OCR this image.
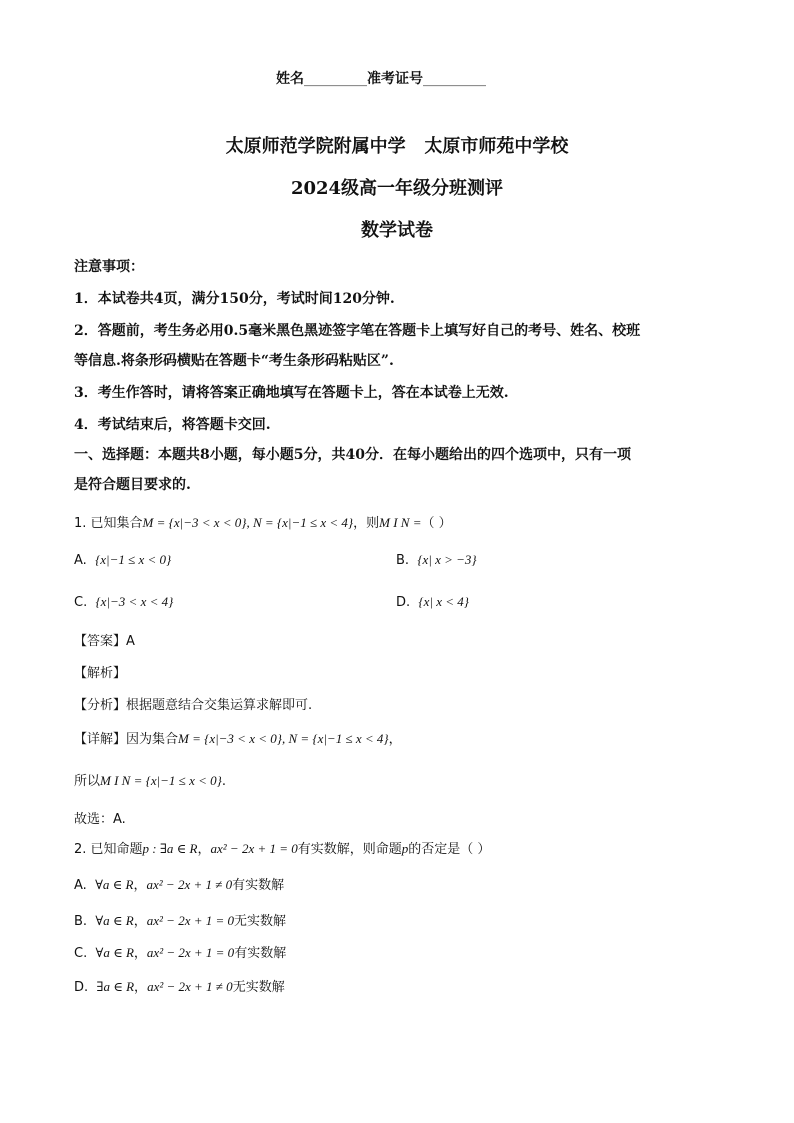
姓名_________准考证号_________
太原师范学院附属中学   太原市师苑中学校
2024级高一年级分班测评
数学试卷
注意事项：
1．本试卷共4页，满分150分，考试时间120分钟.
2．答题前，考生务必用0.5毫米黑色黑迹签字笔在答题卡上填写好自己的考号、姓名、校班
等信息.将条形码横贴在答题卡“考生条形码粘贴区”.
3．考生作答时，请将答案正确地填写在答题卡上，答在本试卷上无效.
4．考试结束后，将答题卡交回.
一、选择题：本题共8小题，每小题5分，共40分．在每小题给出的四个选项中，只有一项
是符合题目要求的.
1. 已知集合M = {x|−3 < x < 0}, N = {x|−1 ≤ x < 4}，则M I N =（ ）
A. {x|−1 ≤ x < 0}	B. {x| x > −3}
C. {x|−3 < x < 4}	D. {x| x < 4}
【答案】A
【解析】
【分析】根据题意结合交集运算求解即可.
【详解】因为集合M = {x|−3 < x < 0}, N = {x|−1 ≤ x < 4}，
所以M I N = {x|−1 ≤ x < 0}.
故选：A.
2. 已知命题p : ∃a ∈ R，ax² − 2x + 1 = 0有实数解，则命题p的否定是（ ）
A. ∀a ∈ R，ax² − 2x + 1 ≠ 0有实数解
B. ∀a ∈ R，ax² − 2x + 1 = 0无实数解
C. ∀a ∈ R，ax² − 2x + 1 = 0有实数解
D. ∃a ∈ R，ax² − 2x + 1 ≠ 0无实数解
